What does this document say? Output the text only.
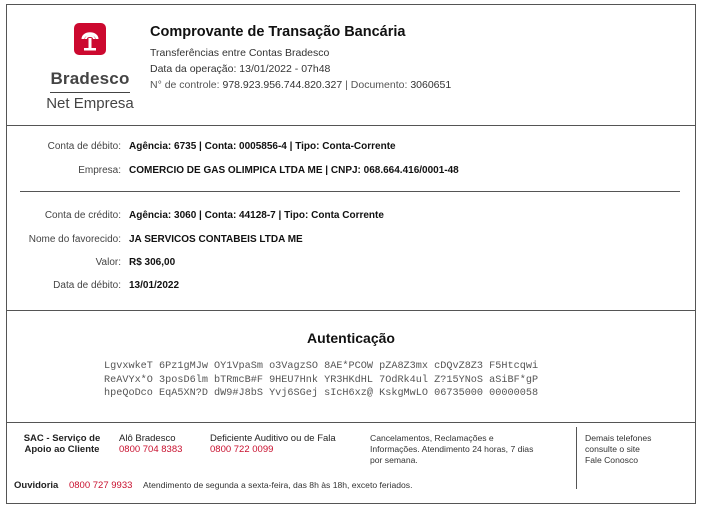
Bradesco
Net Empresa
Comprovante de Transação Bancária
Transferências entre Contas Bradesco
Data da operação: 13/01/2022 - 07h48
N° de controle: 978.923.956.744.820.327 | Documento: 3060651
Conta de débito: Agência: 6735 | Conta: 0005856-4 | Tipo: Conta-Corrente
Empresa: COMERCIO DE GAS OLIMPICA LTDA ME | CNPJ: 068.664.416/0001-48
Conta de crédito: Agência: 3060 | Conta: 44128-7 | Tipo: Conta Corrente
Nome do favorecido: JA SERVICOS CONTABEIS LTDA ME
Valor: R$ 306,00
Data de débito: 13/01/2022
Autenticação
LgvxwkeT 6Pz1gMJw OY1VpaSm o3VagzSO 8AE*PCOW pZA8Z3mx cDQvZ8Z3 F5Htcqwi
ReAVYx*O 3posD6lm bTRmcB#F 9HEU7Hnk YR3HKdHL 7OdRk4ul Z?15YNoS aSiBF*gP
hpeQoDco EqA5XN?D dW9#J8bS Yvj6SGej sIcH6xz@ KskgMwLO 06735000 00000058
SAC - Serviço de
Apoio ao Cliente
Alô Bradesco
0800 704 8383
Deficiente Auditivo ou de Fala
0800 722 0099
Cancelamentos, Reclamações e
Informações. Atendimento 24 horas, 7 dias
por semana.
Demais telefones
consulte o site
Fale Conosco
Ouvidoria 0800 727 9933 Atendimento de segunda a sexta-feira, das 8h às 18h, exceto feriados.
